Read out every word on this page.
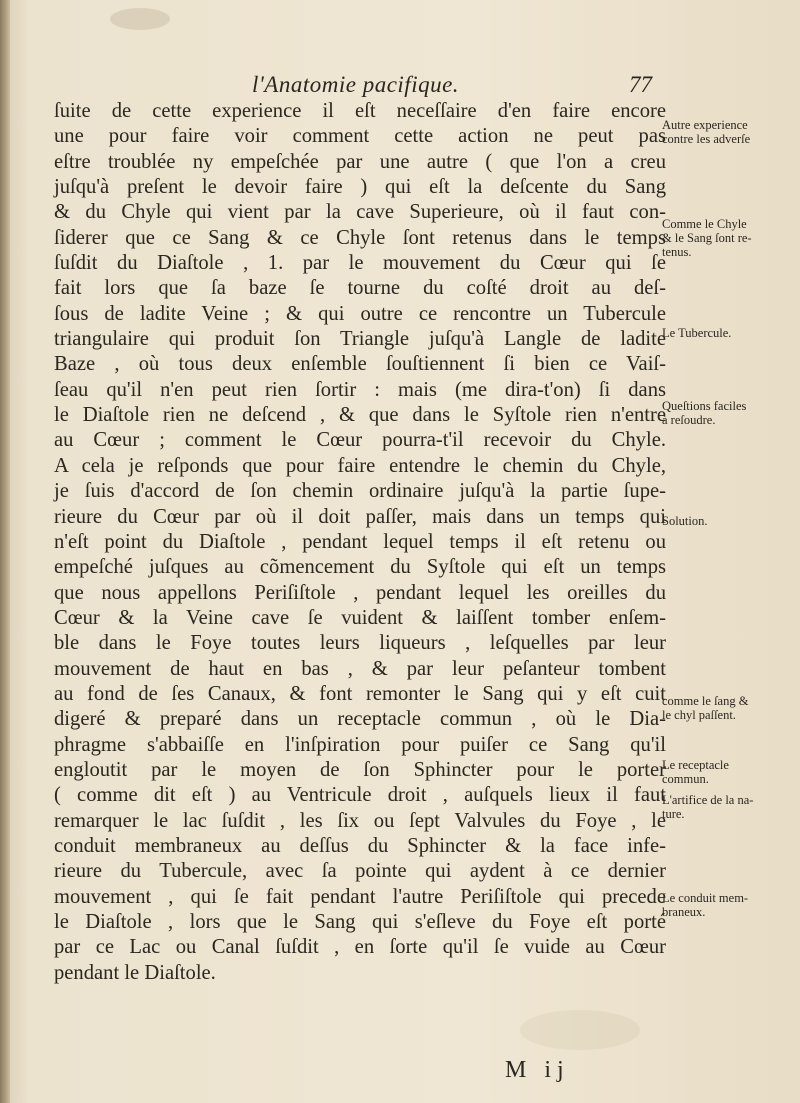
l'Anatomie pacifique.	77
ſuite de cette experience il eſt neceſſaire d'en faire encore
une pour faire voir comment cette action ne peut pas
eſtre troublée ny empeſchée par une autre ( que l'on a creu
juſqu'à preſent le devoir faire ) qui eſt la deſcente du Sang
& du Chyle qui vient par la cave Superieure, où il faut con-
ſiderer que ce Sang & ce Chyle ſont retenus dans le temps
ſuſdit du Diaſtole , 1. par le mouvement du Cœur qui ſe
fait lors que ſa baze ſe tourne du coſté droit au deſ-
ſous de ladite Veine ; & qui outre ce rencontre un Tubercule
triangulaire qui produit ſon Triangle juſqu'à Langle de ladite
Baze , où tous deux enſemble ſouſtiennent ſi bien ce Vaiſ-
ſeau qu'il n'en peut rien ſortir : mais (me dira-t'on) ſi dans
le Diaſtole rien ne deſcend , & que dans le Syſtole rien n'entre
au Cœur ; comment le Cœur pourra-t'il recevoir du Chyle.
A cela je reſponds que pour faire entendre le chemin du Chyle,
je ſuis d'accord de ſon chemin ordinaire juſqu'à la partie ſupe-
rieure du Cœur par où il doit paſſer, mais dans un temps qui
n'eſt point du Diaſtole , pendant lequel temps il eſt retenu ou
empeſché juſques au cõmencement du Syſtole qui eſt un temps
que nous appellons Periſiſtole , pendant lequel les oreilles du
Cœur & la Veine cave ſe vuident & laiſſent tomber enſem-
ble dans le Foye toutes leurs liqueurs , leſquelles par leur
mouvement de haut en bas , & par leur peſanteur tombent
au fond de ſes Canaux, & font remonter le Sang qui y eſt cuit
digeré & preparé dans un receptacle commun , où le Dia-
phragme s'abbaiſſe en l'inſpiration pour puiſer ce Sang qu'il
engloutit par le moyen de ſon Sphincter pour le porter
( comme dit eſt ) au Ventricule droit , auſquels lieux il faut
remarquer le lac ſuſdit , les ſix ou ſept Valvules du Foye , le
conduit membraneux au deſſus du Sphincter & la face infe-
rieure du Tubercule, avec ſa pointe qui aydent à ce dernier
mouvement , qui ſe fait pendant l'autre Periſiſtole qui precede
le Diaſtole , lors que le Sang qui s'eſleve du Foye eſt porté
par ce Lac ou Canal ſuſdit , en ſorte qu'il ſe vuide au Cœur
pendant le Diaſtole.
Autre experience
contre les adverſe
Comme le Chyle
& le Sang ſont re-
tenus.
Le Tubercule.
Queſtions faciles
à reſoudre.
Solution.
comme le ſang &
le chyl paſſent.
Le receptacle
commun.
L'artifice de la na-
ture.
Le conduit mem-
braneux.
M ij
